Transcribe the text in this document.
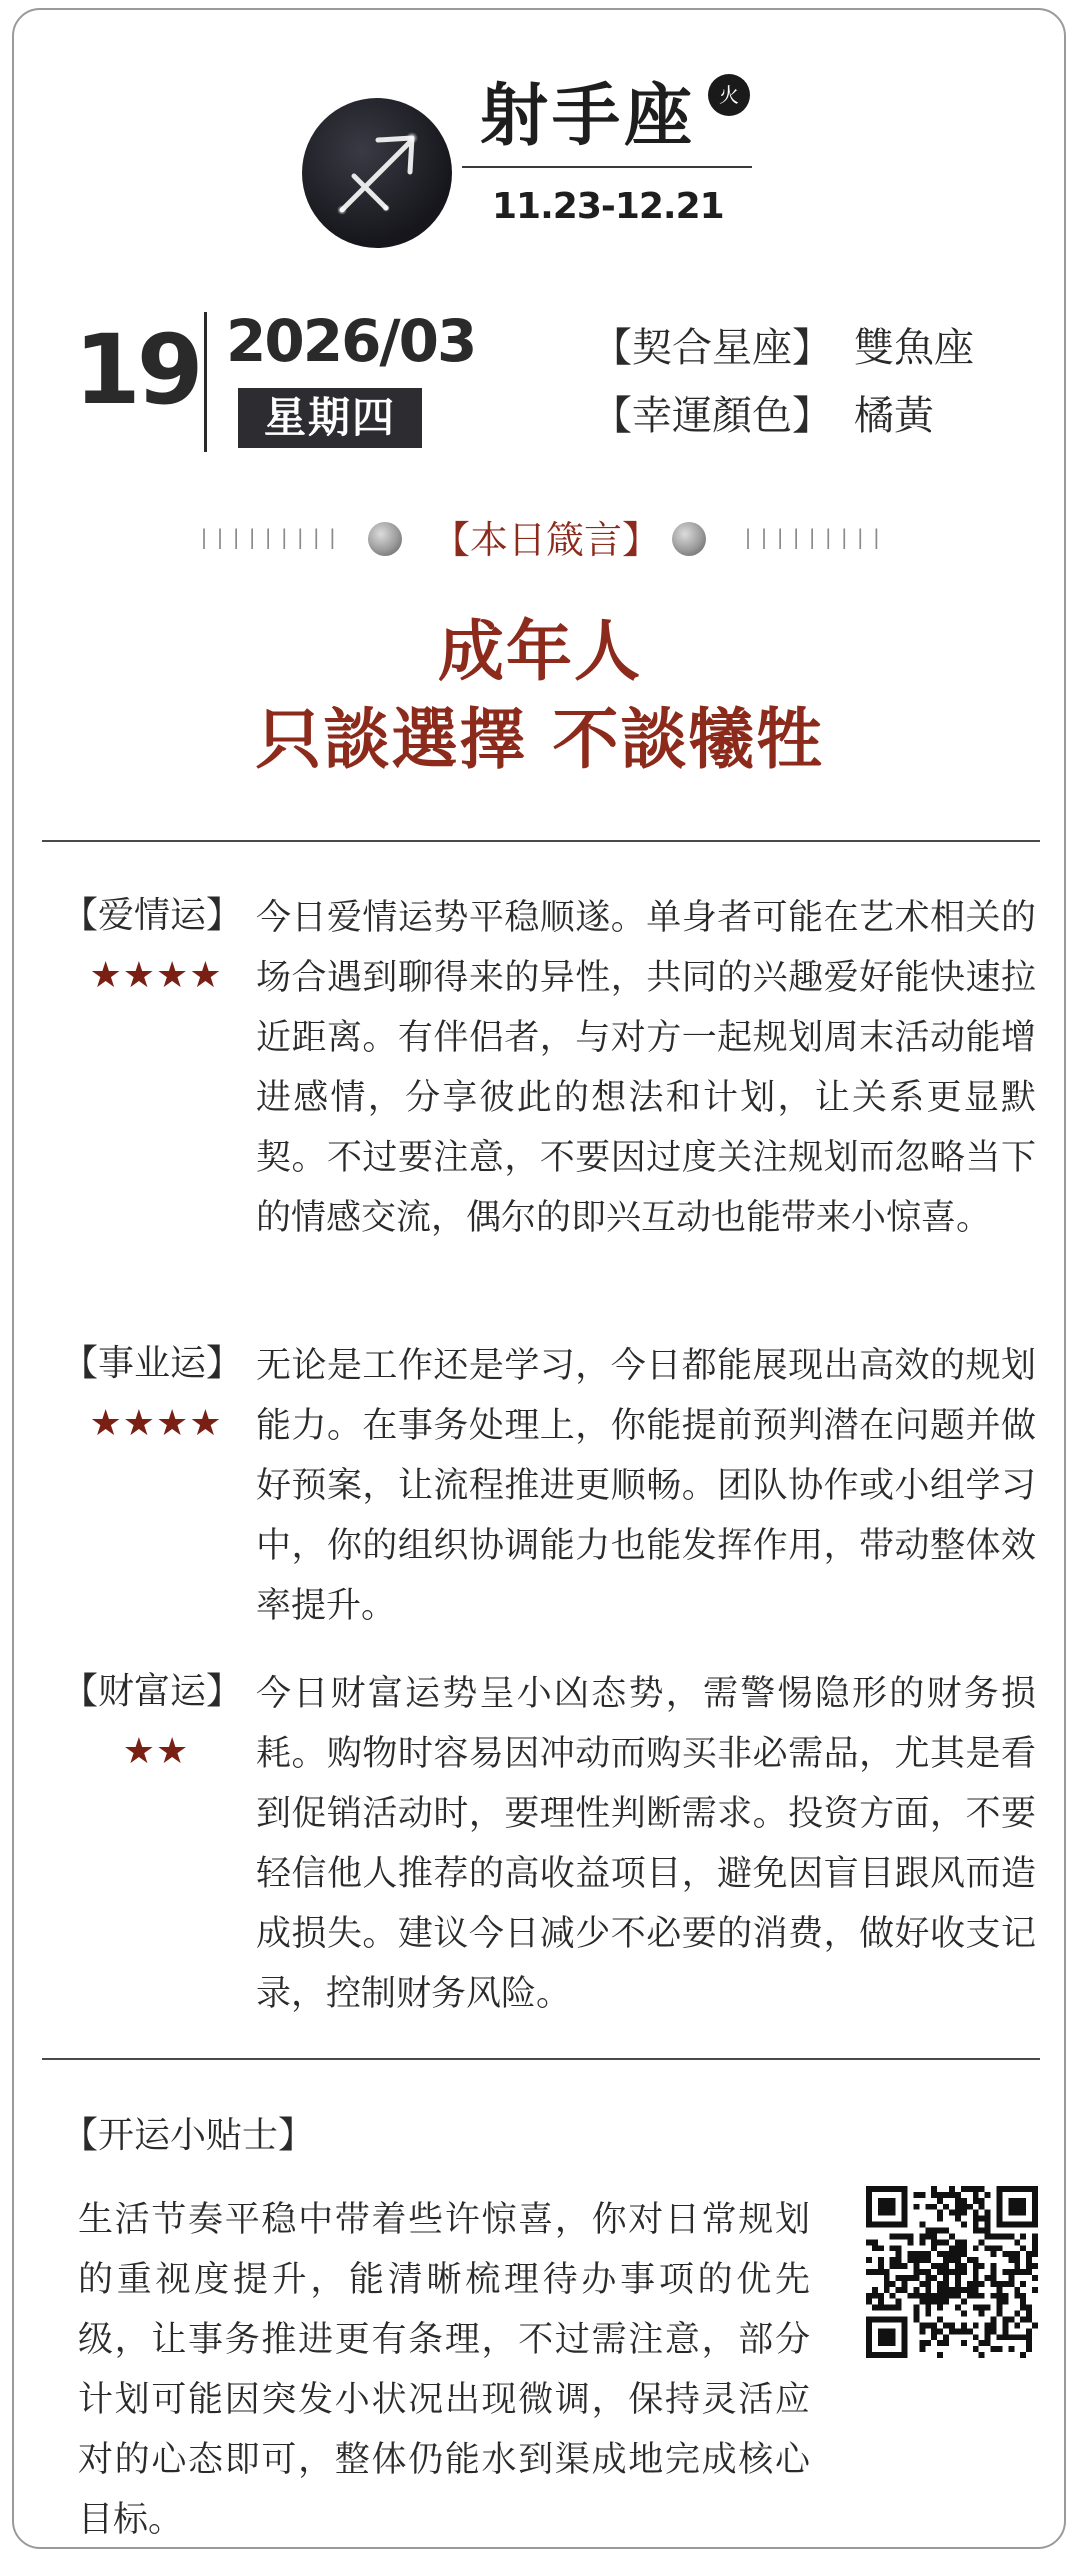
射手座	火
11.23-12.21
19 2026/03
星期四
【契合星座】 雙魚座
【幸運顏色】 橘黃
||||||||| 【本日箴言】	|||||||||
成年人
只談選擇 不談犧牲
【爱情运】
★★★★
今日爱情运势平稳顺遂。单身者可能在艺术相关的场合遇到聊得来的异性，共同的兴趣爱好能快速拉近距离。有伴侣者，与对方一起规划周末活动能增进感情，分享彼此的想法和计划，让关系更显默契。不过要注意，不要因过度关注规划而忽略当下的情感交流，偶尔的即兴互动也能带来小惊喜。
【事业运】
★★★★
无论是工作还是学习，今日都能展现出高效的规划能力。在事务处理上，你能提前预判潜在问题并做好预案，让流程推进更顺畅。团队协作或小组学习中，你的组织协调能力也能发挥作用，带动整体效率提升。
【财富运】
★★
今日财富运势呈小凶态势，需警惕隐形的财务损耗。购物时容易因冲动而购买非必需品，尤其是看到促销活动时，要理性判断需求。投资方面，不要轻信他人推荐的高收益项目，避免因盲目跟风而造成损失。建议今日减少不必要的消费，做好收支记录，控制财务风险。
【开运小贴士】
生活节奏平稳中带着些许惊喜，你对日常规划的重视度提升，能清晰梳理待办事项的优先级，让事务推进更有条理，不过需注意，部分计划可能因突发小状况出现微调，保持灵活应对的心态即可，整体仍能水到渠成地完成核心目标。
